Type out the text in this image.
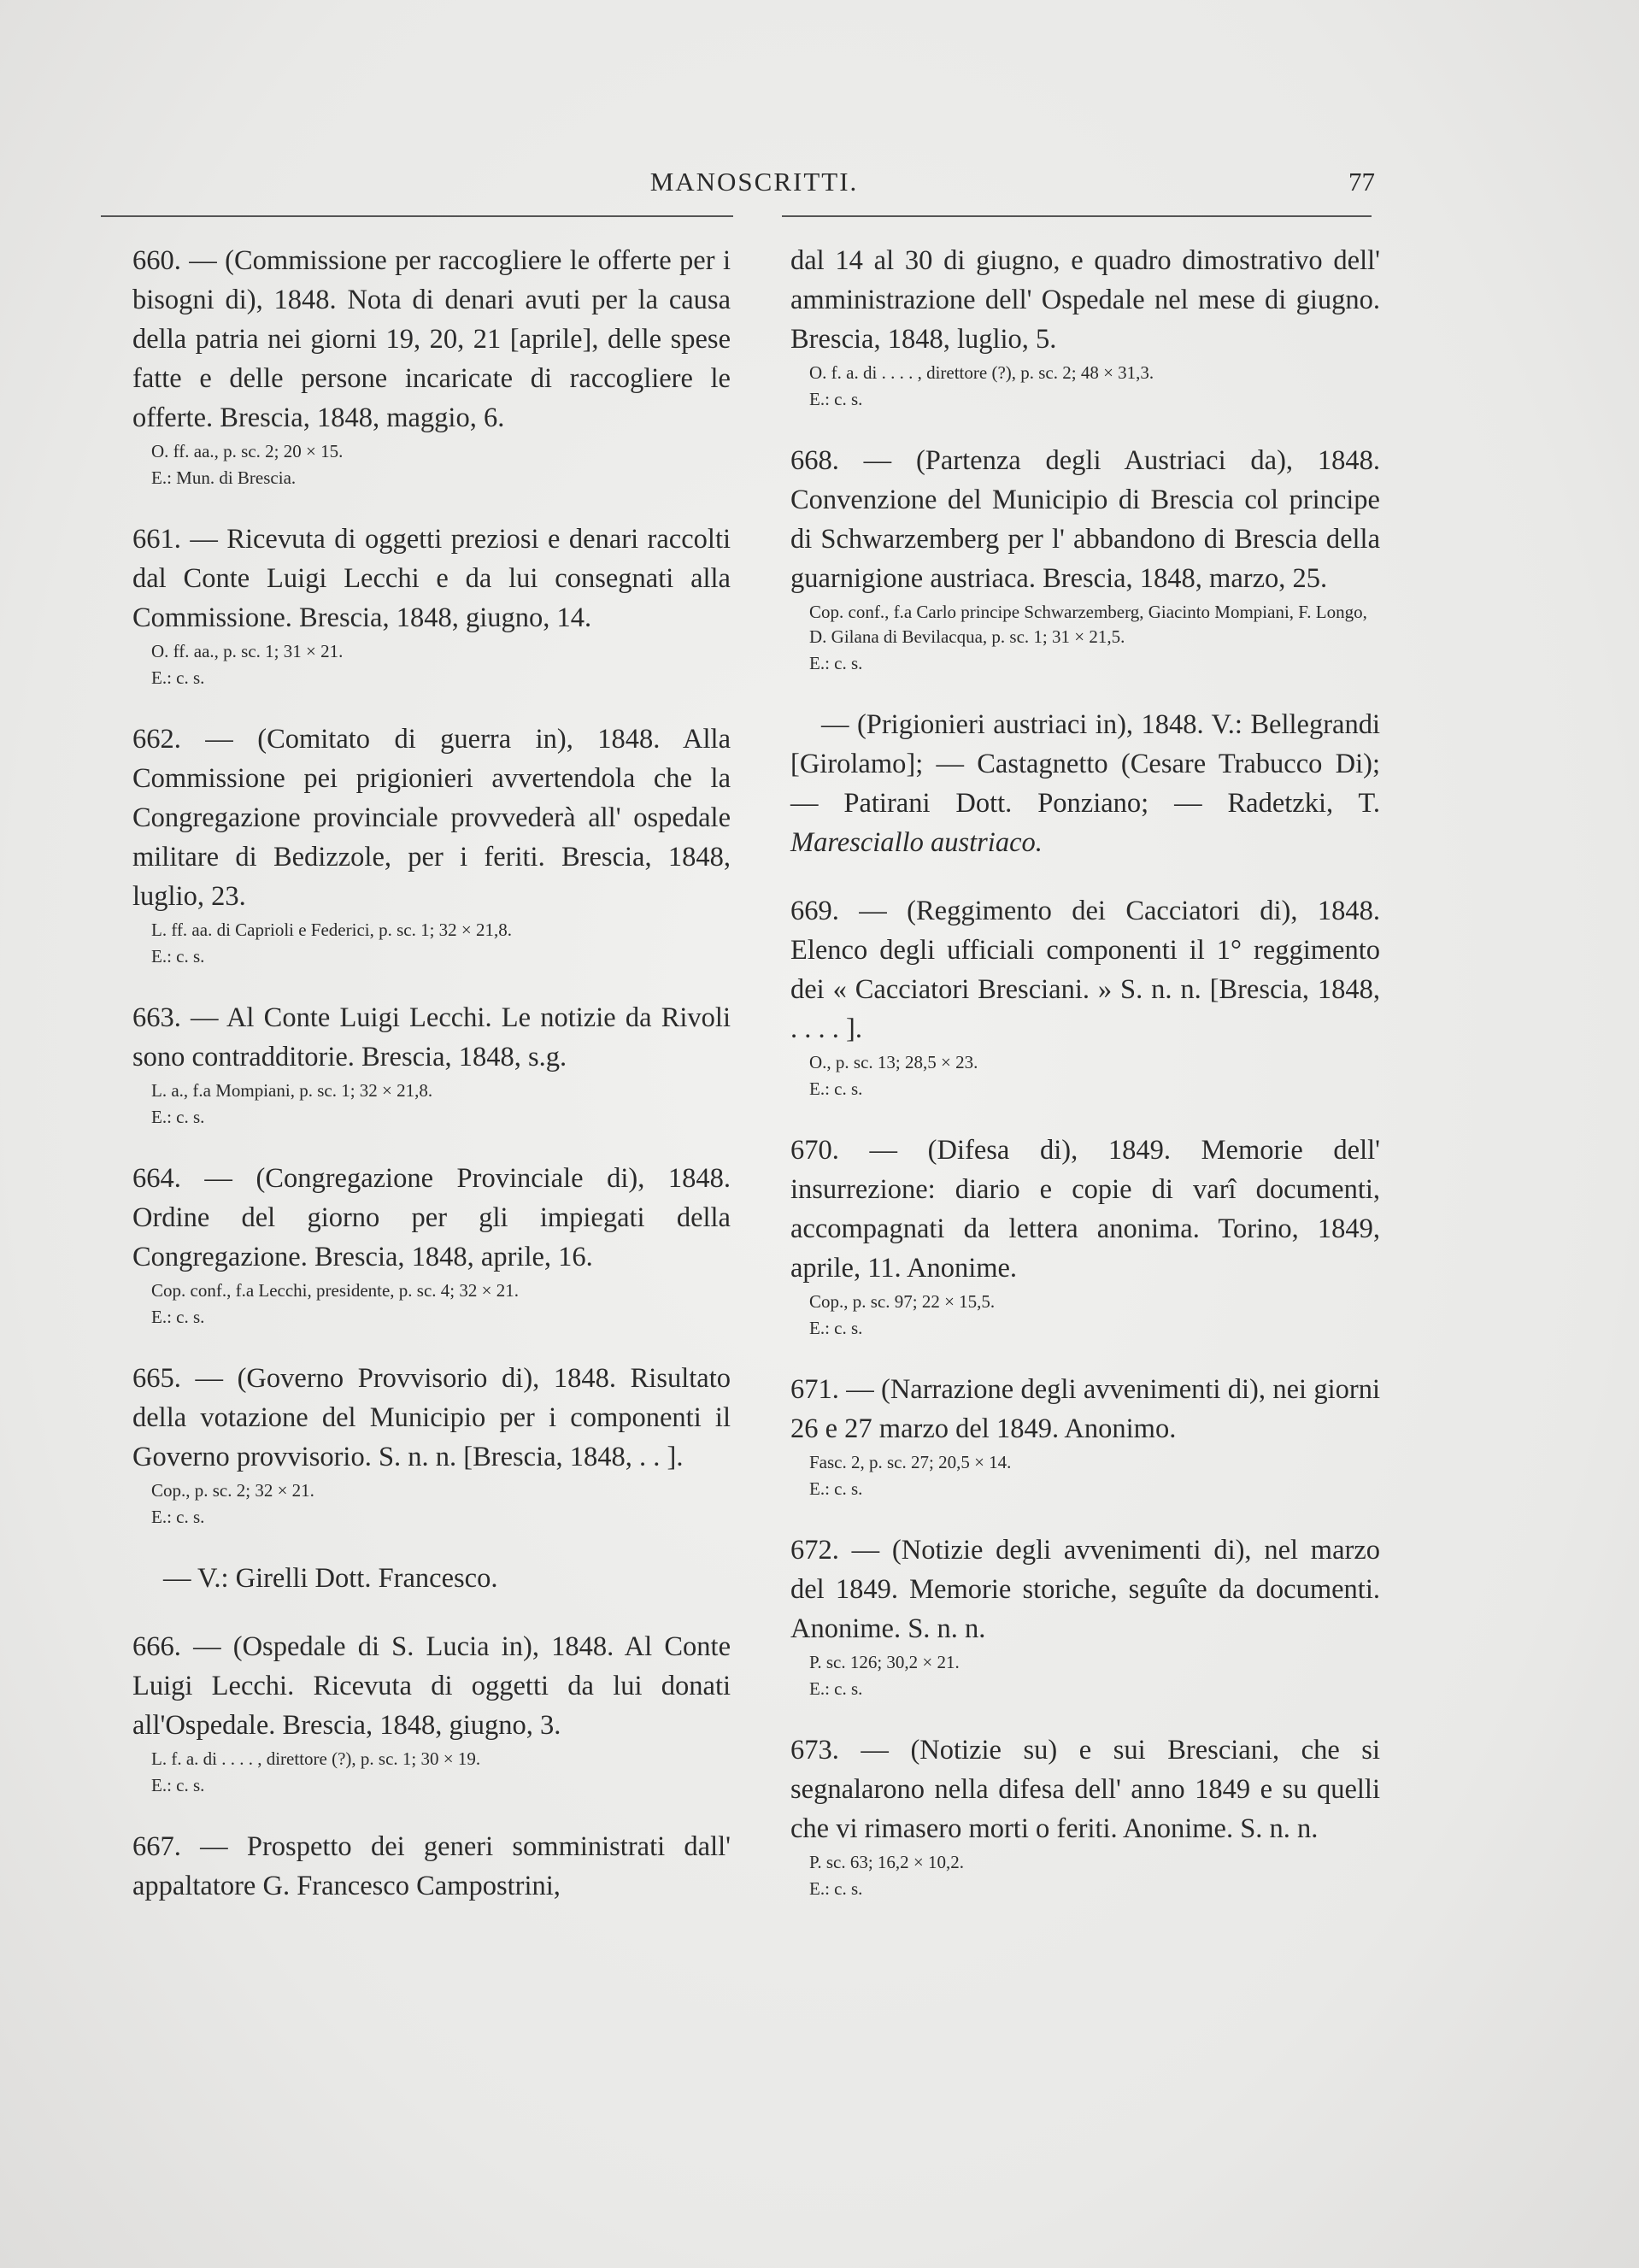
MANOSCRITTI.	77

660. — (Commissione per raccogliere le offerte per i bisogni di), 1848. Nota di denari avuti per la causa della patria nei giorni 19, 20, 21 [aprile], delle spese fatte e delle persone incaricate di raccogliere le offerte. Brescia, 1848, maggio, 6.

O. ff. aa., p. sc. 2; 20 × 15.

E.: Mun. di Brescia.

661. — Ricevuta di oggetti preziosi e denari raccolti dal Conte Luigi Lecchi e da lui consegnati alla Commissione. Brescia, 1848, giugno, 14.

O. ff. aa., p. sc. 1; 31 × 21.

E.: c. s.

662. — (Comitato di guerra in), 1848. Alla Commissione pei prigionieri avvertendola che la Congregazione provinciale provvederà all' ospedale militare di Bedizzole, per i feriti. Brescia, 1848, luglio, 23.

L. ff. aa. di Caprioli e Federici, p. sc. 1; 32 × 21,8.

E.: c. s.

663. — Al Conte Luigi Lecchi. Le notizie da Rivoli sono contradditorie. Brescia, 1848, s.g.

L. a., f.a Mompiani, p. sc. 1; 32 × 21,8.

E.: c. s.

664. — (Congregazione Provinciale di), 1848. Ordine del giorno per gli impiegati della Congregazione. Brescia, 1848, aprile, 16.

Cop. conf., f.a Lecchi, presidente, p. sc. 4; 32 × 21.

E.: c. s.

665. — (Governo Provvisorio di), 1848. Risultato della votazione del Municipio per i componenti il Governo provvisorio. S. n. n. [Brescia, 1848, . . ].

Cop., p. sc. 2; 32 × 21.

E.: c. s.

— V.: Girelli Dott. Francesco.

666. — (Ospedale di S. Lucia in), 1848. Al Conte Luigi Lecchi. Ricevuta di oggetti da lui donati all'Ospedale. Brescia, 1848, giugno, 3.

L. f. a. di . . . . , direttore (?), p. sc. 1; 30 × 19.

E.: c. s.

667. — Prospetto dei generi somministrati dall' appaltatore G. Francesco Campostrini,

dal 14 al 30 di giugno, e quadro dimostrativo dell' amministrazione dell' Ospedale nel mese di giugno. Brescia, 1848, luglio, 5.

O. f. a. di . . . . , direttore (?), p. sc. 2; 48 × 31,3.

E.: c. s.

668. — (Partenza degli Austriaci da), 1848. Convenzione del Municipio di Brescia col principe di Schwarzemberg per l' abbandono di Brescia della guarnigione austriaca. Brescia, 1848, marzo, 25.

Cop. conf., f.a Carlo principe Schwarzemberg, Giacinto Mompiani, F. Longo, D. Gilana di Bevilacqua, p. sc. 1; 31 × 21,5.

E.: c. s.

— (Prigionieri austriaci in), 1848. V.: Bellegrandi [Girolamo]; — Castagnetto (Cesare Trabucco Di); — Patirani Dott. Ponziano; — Radetzki, T. Maresciallo austriaco.

669. — (Reggimento dei Cacciatori di), 1848. Elenco degli ufficiali componenti il 1° reggimento dei « Cacciatori Bresciani. » S. n. n. [Brescia, 1848, . . . . ].

O., p. sc. 13; 28,5 × 23.

E.: c. s.

670. — (Difesa di), 1849. Memorie dell' insurrezione: diario e copie di varî documenti, accompagnati da lettera anonima. Torino, 1849, aprile, 11. Anonime.

Cop., p. sc. 97; 22 × 15,5.

E.: c. s.

671. — (Narrazione degli avvenimenti di), nei giorni 26 e 27 marzo del 1849. Anonimo.

Fasc. 2, p. sc. 27; 20,5 × 14.

E.: c. s.

672. — (Notizie degli avvenimenti di), nel marzo del 1849. Memorie storiche, seguîte da documenti. Anonime. S. n. n.

P. sc. 126; 30,2 × 21.

E.: c. s.

673. — (Notizie su) e sui Bresciani, che si segnalarono nella difesa dell' anno 1849 e su quelli che vi rimasero morti o feriti. Anonime. S. n. n.

P. sc. 63; 16,2 × 10,2.

E.: c. s.
